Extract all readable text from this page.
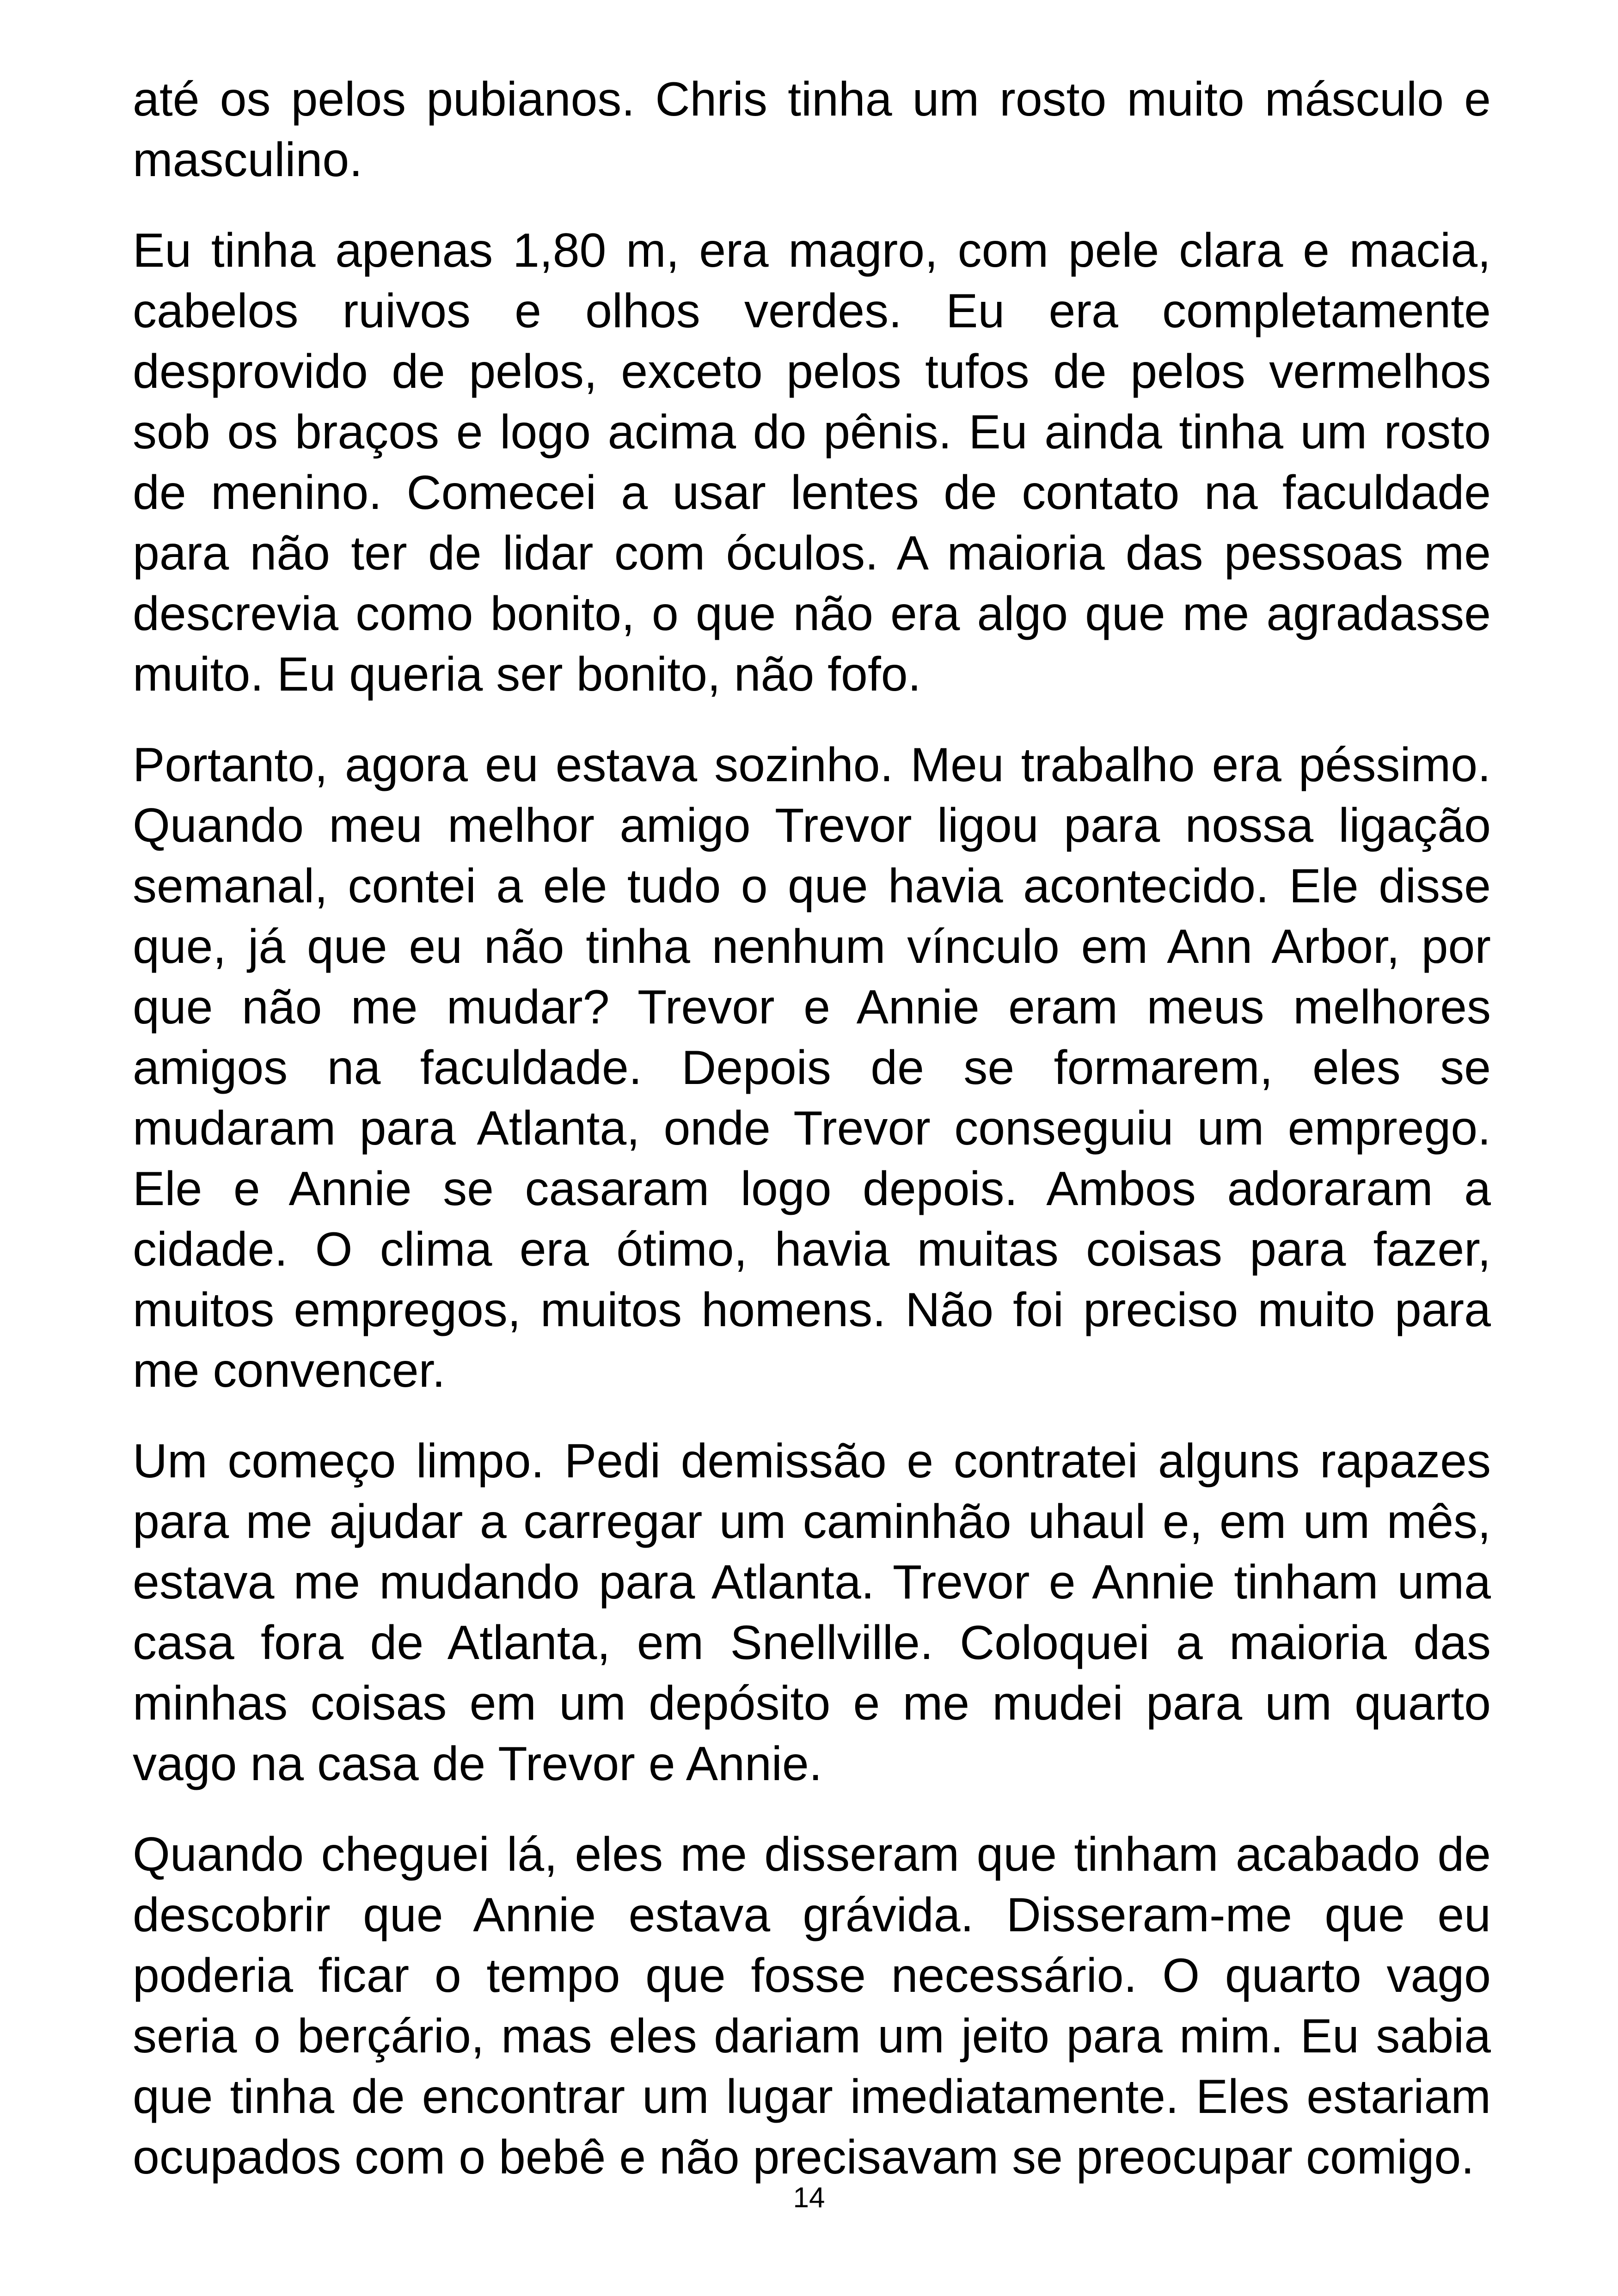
até os pelos pubianos. Chris tinha um rosto muito másculo e masculino.

Eu tinha apenas 1,80 m, era magro, com pele clara e macia, cabelos ruivos e olhos verdes. Eu era completamente desprovido de pelos, exceto pelos tufos de pelos vermelhos sob os braços e logo acima do pênis. Eu ainda tinha um rosto de menino. Comecei a usar lentes de contato na faculdade para não ter de lidar com óculos. A maioria das pessoas me descrevia como bonito, o que não era algo que me agradasse muito. Eu queria ser bonito, não fofo.

Portanto, agora eu estava sozinho. Meu trabalho era péssimo. Quando meu melhor amigo Trevor ligou para nossa ligação semanal, contei a ele tudo o que havia acontecido. Ele disse que, já que eu não tinha nenhum vínculo em Ann Arbor, por que não me mudar? Trevor e Annie eram meus melhores amigos na faculdade. Depois de se formarem, eles se mudaram para Atlanta, onde Trevor conseguiu um emprego. Ele e Annie se casaram logo depois. Ambos adoraram a cidade. O clima era ótimo, havia muitas coisas para fazer, muitos empregos, muitos homens. Não foi preciso muito para me convencer.

Um começo limpo. Pedi demissão e contratei alguns rapazes para me ajudar a carregar um caminhão uhaul e, em um mês, estava me mudando para Atlanta. Trevor e Annie tinham uma casa fora de Atlanta, em Snellville. Coloquei a maioria das minhas coisas em um depósito e me mudei para um quarto vago na casa de Trevor e Annie.

Quando cheguei lá, eles me disseram que tinham acabado de descobrir que Annie estava grávida. Disseram-me que eu poderia ficar o tempo que fosse necessário. O quarto vago seria o berçário, mas eles dariam um jeito para mim. Eu sabia que tinha de encontrar um lugar imediatamente. Eles estariam ocupados com o bebê e não precisavam se preocupar comigo.

14
